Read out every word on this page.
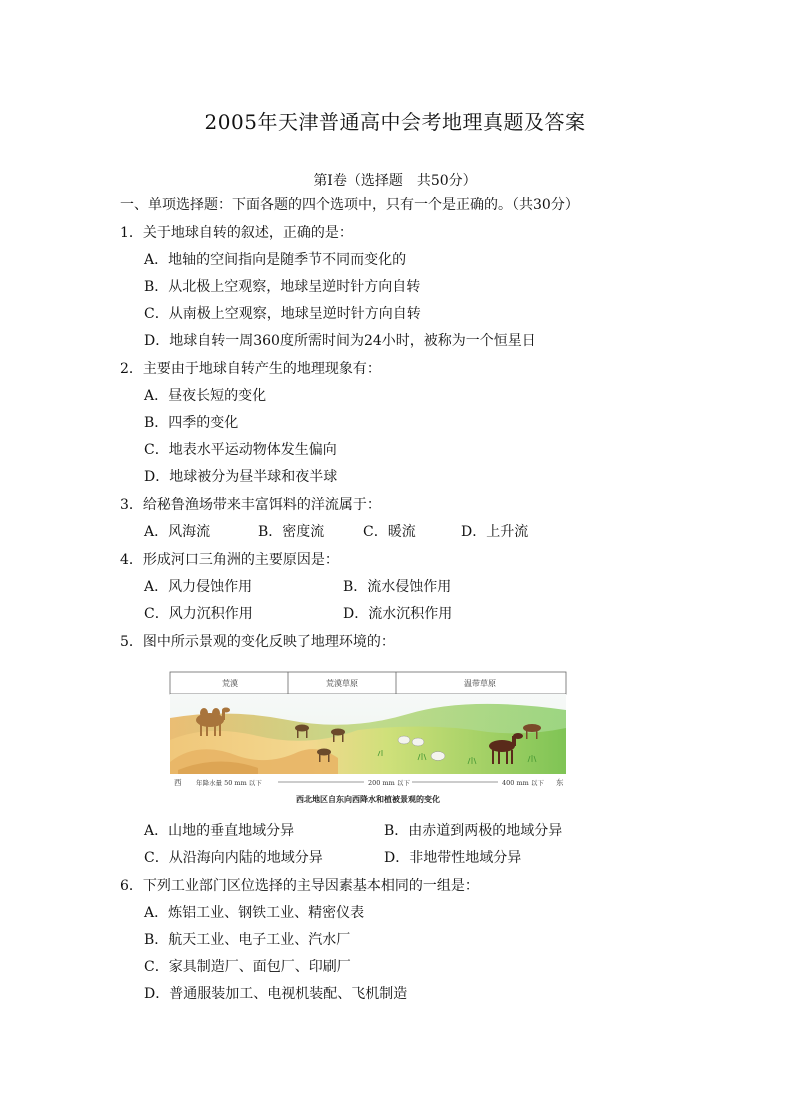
2005年天津普通高中会考地理真题及答案
第Ⅰ卷（选择题　共50分）
一、单项选择题：下面各题的四个选项中，只有一个是正确的。（共30分）
1．关于地球自转的叙述，正确的是：
A．地轴的空间指向是随季节不同而变化的
B．从北极上空观察，地球呈逆时针方向自转
C．从南极上空观察，地球呈逆时针方向自转
D．地球自转一周360度所需时间为24小时，被称为一个恒星日
2．主要由于地球自转产生的地理现象有：
A．昼夜长短的变化
B．四季的变化
C．地表水平运动物体发生偏向
D．地球被分为昼半球和夜半球
3．给秘鲁渔场带来丰富饵料的洋流属于：
A．风海流	B．密度流	C．暖流	D．上升流
4．形成河口三角洲的主要原因是：
A．风力侵蚀作用	B．流水侵蚀作用
C．风力沉积作用	D．流水沉积作用
5．图中所示景观的变化反映了地理环境的：
荒漠	荒漠草原	温带草原
西 年降水量 50 mm 以下	200 mm 以下	400 mm 以下 东
西北地区自东向西降水和植被景观的变化
A．山地的垂直地域分异	B．由赤道到两极的地域分异
C．从沿海向内陆的地域分异	D．非地带性地域分异
6．下列工业部门区位选择的主导因素基本相同的一组是：
A．炼铝工业、钢铁工业、精密仪表
B．航天工业、电子工业、汽水厂
C．家具制造厂、面包厂、印刷厂
D．普通服装加工、电视机装配、飞机制造
